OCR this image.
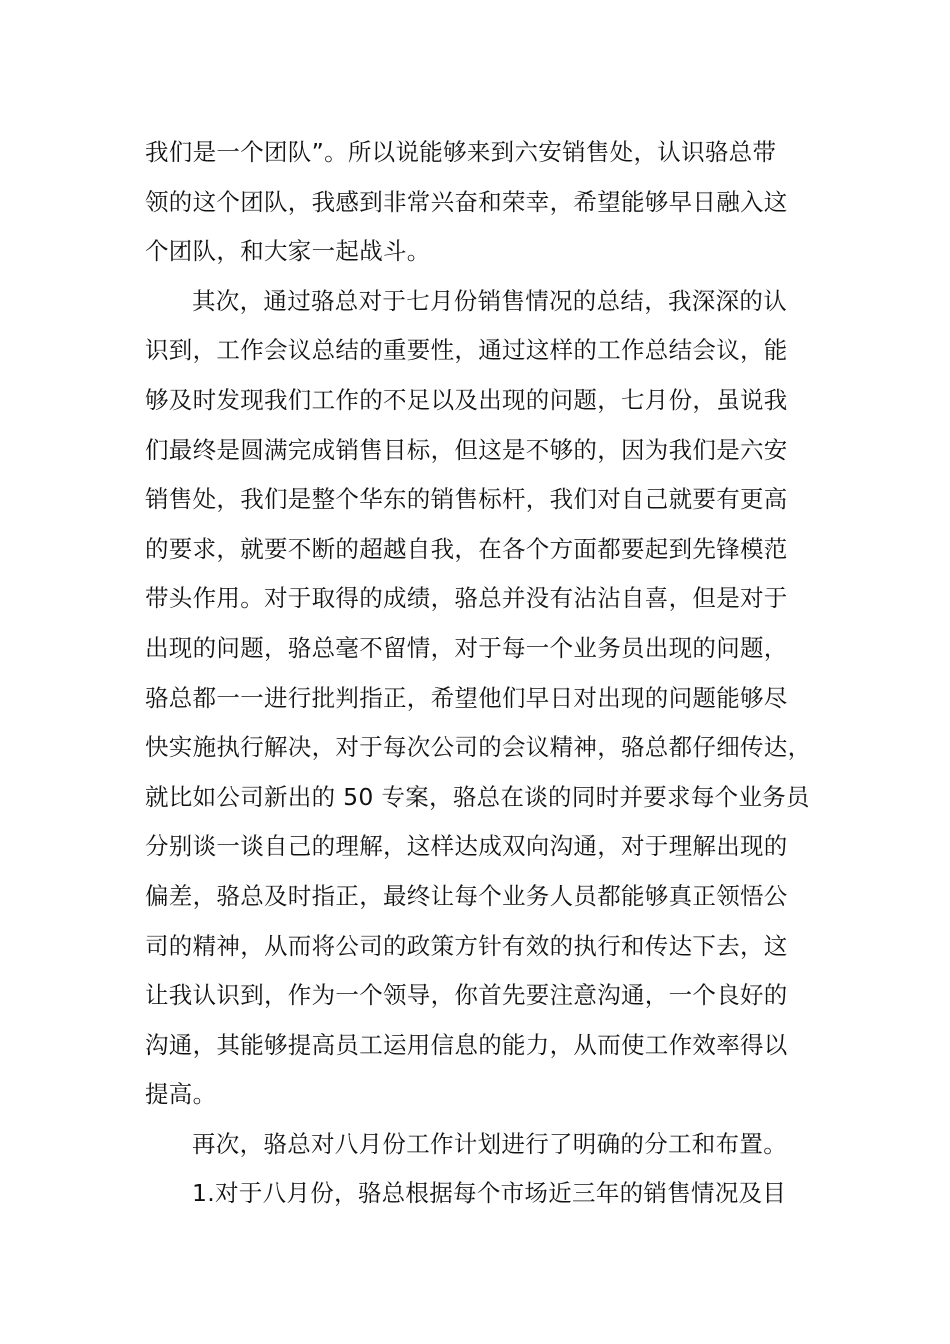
我们是一个团队”。所以说能够来到六安销售处，认识骆总带
领的这个团队，我感到非常兴奋和荣幸，希望能够早日融入这
个团队，和大家一起战斗。
其次，通过骆总对于七月份销售情况的总结，我深深的认
识到，工作会议总结的重要性，通过这样的工作总结会议，能
够及时发现我们工作的不足以及出现的问题，七月份，虽说我
们最终是圆满完成销售目标，但这是不够的，因为我们是六安
销售处，我们是整个华东的销售标杆，我们对自己就要有更高
的要求，就要不断的超越自我，在各个方面都要起到先锋模范
带头作用。对于取得的成绩，骆总并没有沾沾自喜，但是对于
出现的问题，骆总毫不留情，对于每一个业务员出现的问题，
骆总都一一进行批判指正，希望他们早日对出现的问题能够尽
快实施执行解决，对于每次公司的会议精神，骆总都仔细传达，
就比如公司新出的 50 专案，骆总在谈的同时并要求每个业务员
分别谈一谈自己的理解，这样达成双向沟通，对于理解出现的
偏差，骆总及时指正，最终让每个业务人员都能够真正领悟公
司的精神，从而将公司的政策方针有效的执行和传达下去，这
让我认识到，作为一个领导，你首先要注意沟通，一个良好的
沟通，其能够提高员工运用信息的能力，从而使工作效率得以
提高。
再次，骆总对八月份工作计划进行了明确的分工和布置。
1.对于八月份，骆总根据每个市场近三年的销售情况及目
